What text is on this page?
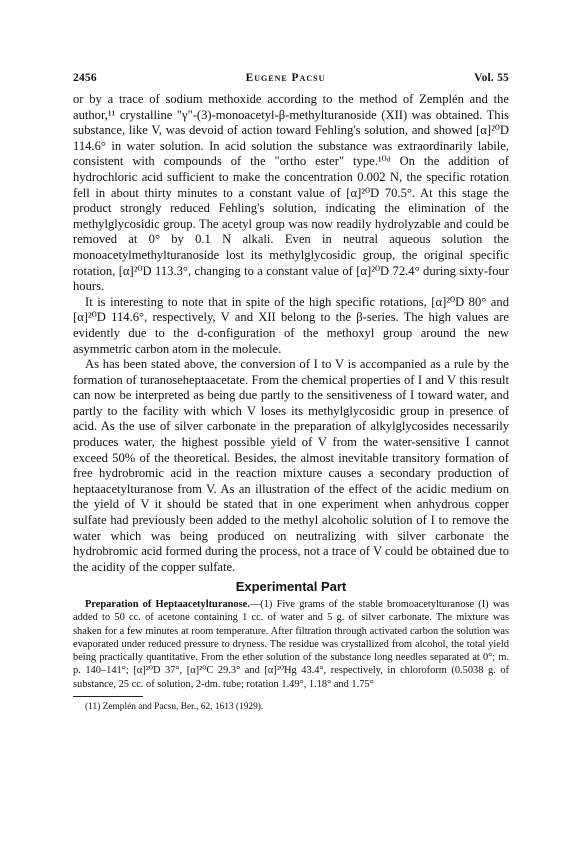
2456	Eugene Pacsu	Vol. 55

or by a trace of sodium methoxide according to the method of Zemplén and the author,¹¹ crystalline "γ"-(3)-monoacetyl-β-methylturanoside (XII) was obtained. This substance, like V, was devoid of action toward Fehling's solution, and showed [α]²⁰D 114.6° in water solution. In acid solution the substance was extraordinarily labile, consistent with compounds of the "ortho ester" type.¹⁰ᵈ On the addition of hydrochloric acid sufficient to make the concentration 0.002 N, the specific rotation fell in about thirty minutes to a constant value of [α]²⁰D 70.5°. At this stage the product strongly reduced Fehling's solution, indicating the elimination of the methylglycosidic group. The acetyl group was now readily hydrolyzable and could be removed at 0° by 0.1 N alkali. Even in neutral aqueous solution the monoacetylmethylturanoside lost its methylglycosidic group, the original specific rotation, [α]²⁰D 113.3°, changing to a constant value of [α]²⁰D 72.4° during sixty-four hours.

It is interesting to note that in spite of the high specific rotations, [α]²⁰D 80° and [α]²⁰D 114.6°, respectively, V and XII belong to the β-series. The high values are evidently due to the d-configuration of the methoxyl group around the new asymmetric carbon atom in the molecule.

As has been stated above, the conversion of I to V is accompanied as a rule by the formation of turanoseheptaacetate. From the chemical properties of I and V this result can now be interpreted as being due partly to the sensitiveness of I toward water, and partly to the facility with which V loses its methylglycosidic group in presence of acid. As the use of silver carbonate in the preparation of alkylglycosides necessarily produces water, the highest possible yield of V from the water-sensitive I cannot exceed 50% of the theoretical. Besides, the almost inevitable transitory formation of free hydrobromic acid in the reaction mixture causes a secondary production of heptaacetylturanose from V. As an illustration of the effect of the acidic medium on the yield of V it should be stated that in one experiment when anhydrous copper sulfate had previously been added to the methyl alcoholic solution of I to remove the water which was being produced on neutralizing with silver carbonate the hydrobromic acid formed during the process, not a trace of V could be obtained due to the acidity of the copper sulfate.

Experimental Part

Preparation of Heptaacetylturanose.—(1) Five grams of the stable bromoacetylturanose (I) was added to 50 cc. of acetone containing 1 cc. of water and 5 g. of silver carbonate. The mixture was shaken for a few minutes at room temperature. After filtration through activated carbon the solution was evaporated under reduced pressure to dryness. The residue was crystallized from alcohol, the total yield being practically quantitative. From the ether solution of the substance long needles separated at 0°; m. p. 140–141°; [α]²⁰D 37°, [α]²⁰C 29.3° and [α]²⁰Hg 43.4°, respectively, in chloroform (0.5038 g. of substance, 25 cc. of solution, 2-dm. tube; rotation 1.49°, 1.18° and 1.75°

(11) Zemplén and Pacsu, Ber., 62, 1613 (1929).
